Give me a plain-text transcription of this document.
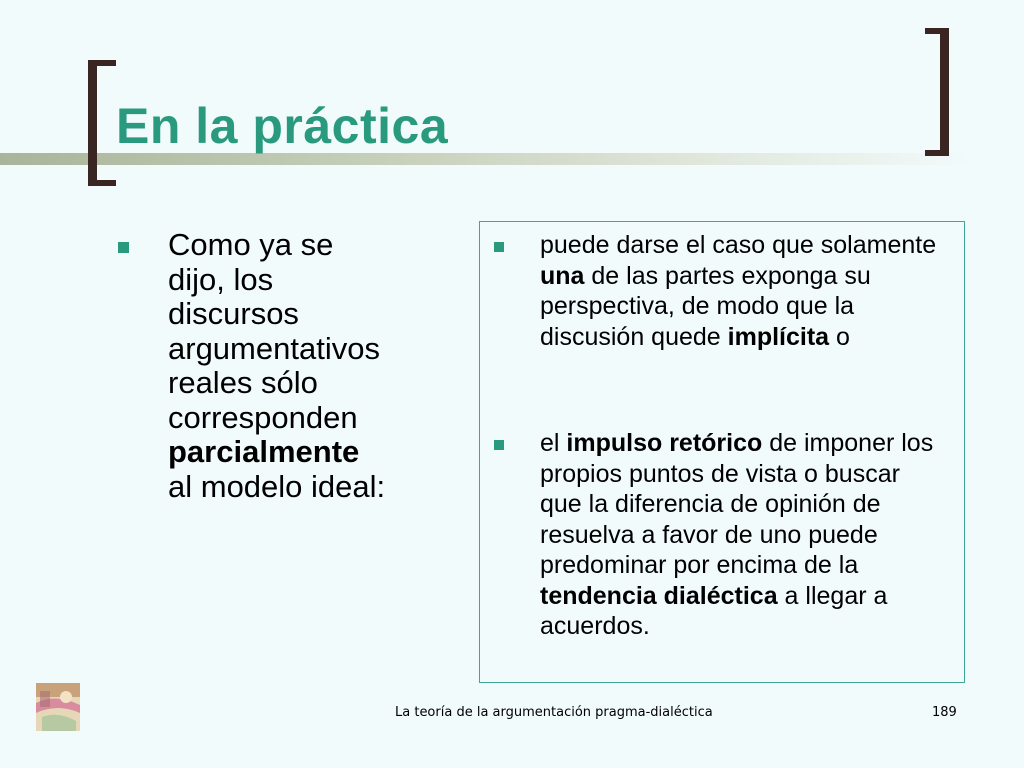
En la práctica
Como ya se
dijo, los
discursos
argumentativos
reales sólo
corresponden
parcialmente
al modelo ideal:
puede darse el caso que solamente una de las partes exponga su perspectiva, de modo que la discusión quede implícita o
el impulso retórico de imponer los propios puntos de vista o buscar que la diferencia de opinión de resuelva a favor de uno puede predominar por encima de la tendencia dialéctica a llegar a acuerdos.
La teoría de la argumentación pragma-dialéctica	189
